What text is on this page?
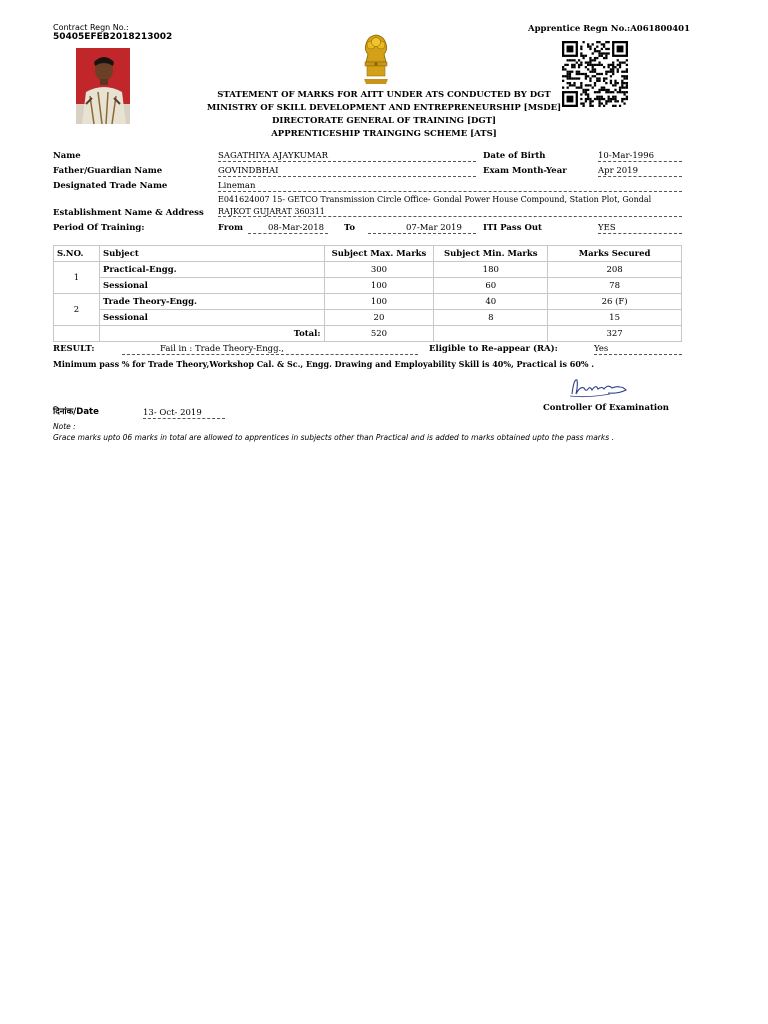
Contract Regn No.:
50405EFEB2018213002
Apprentice Regn No.:A061800401
STATEMENT OF MARKS FOR AITT UNDER ATS CONDUCTED BY DGT
MINISTRY OF SKILL DEVELOPMENT AND ENTREPRENEURSHIP [MSDE]
DIRECTORATE GENERAL OF TRAINING [DGT]
APPRENTICESHIP TRAINGING SCHEME [ATS]
Name	SAGATHIYA AJAYKUMAR	Date of Birth	10-Mar-1996
Father/Guardian Name	GOVINDBHAI	Exam Month-Year	Apr 2019
Designated Trade Name	Lineman
E041624007 15- GETCO Transmission Circle Office- Gondal Power House Compound, Station Plot, Gondal
Establishment Name & Address RAJKOT GUJARAT 360311
Period Of Training:	From	08-Mar-2018	To	07-Mar 2019	ITI Pass Out	YES
S.NO.	Subject	Subject Max. Marks	Subject Min. Marks	Marks Secured
1	Practical-Engg.	300	180	208
	Sessional	100	60	78
2	Trade Theory-Engg.	100	40	26 (F)
	Sessional	20	8	15
	Total:	520		327
RESULT:	Fail in : Trade Theory-Engg.,	Eligible to Re-appear (RA):	Yes
Minimum pass % for Trade Theory,Workshop Cal. & Sc., Engg. Drawing and Employability Skill is 40%, Practical is 60% .
Controller Of Examination
दिनांक/Date	13- Oct- 2019
Note :
Grace marks upto 06 marks in total are allowed to apprentices in subjects other than Practical and is added to marks obtained upto the pass marks .
